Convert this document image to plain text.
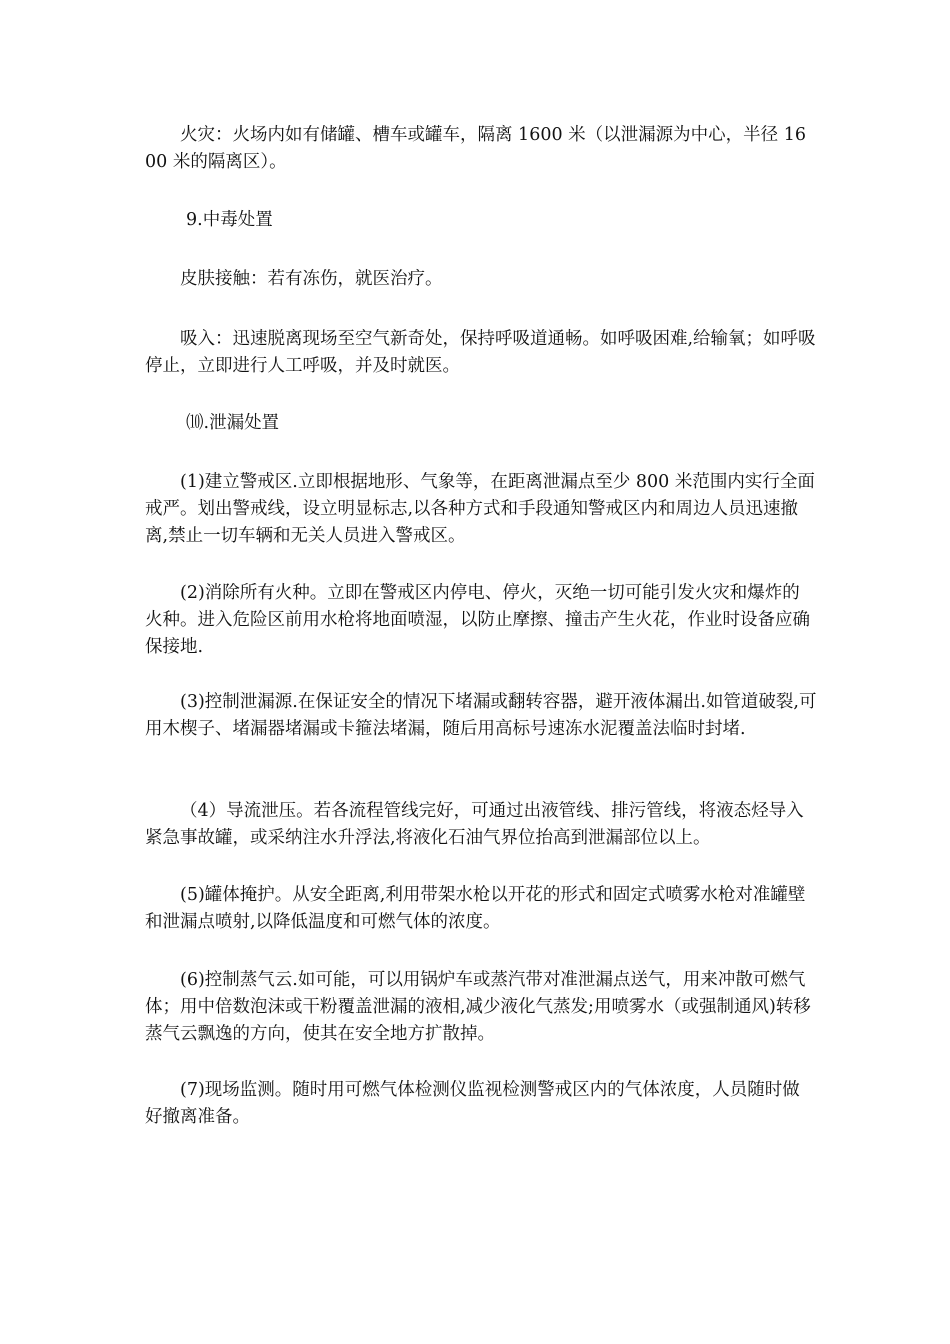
火灾：火场内如有储罐、槽车或罐车，隔离 1600 米（以泄漏源为中心，半径 1600 米的隔离区）。

9.中毒处置

皮肤接触：若有冻伤，就医治疗。

吸入：迅速脱离现场至空气新奇处，保持呼吸道通畅。如呼吸困难,给输氧；如呼吸停止，立即进行人工呼吸，并及时就医。

⑽.泄漏处置

(1)建立警戒区.立即根据地形、气象等，在距离泄漏点至少 800 米范围内实行全面戒严。划出警戒线，设立明显标志,以各种方式和手段通知警戒区内和周边人员迅速撤离,禁止一切车辆和无关人员进入警戒区。

(2)消除所有火种。立即在警戒区内停电、停火，灭绝一切可能引发火灾和爆炸的火种。进入危险区前用水枪将地面喷湿，以防止摩擦、撞击产生火花，作业时设备应确保接地.

(3)控制泄漏源.在保证安全的情况下堵漏或翻转容器，避开液体漏出.如管道破裂,可用木楔子、堵漏器堵漏或卡箍法堵漏，随后用高标号速冻水泥覆盖法临时封堵.

（4）导流泄压。若各流程管线完好，可通过出液管线、排污管线，将液态烃导入紧急事故罐，或采纳注水升浮法,将液化石油气界位抬高到泄漏部位以上。

(5)罐体掩护。从安全距离,利用带架水枪以开花的形式和固定式喷雾水枪对准罐壁和泄漏点喷射,以降低温度和可燃气体的浓度。

(6)控制蒸气云.如可能，可以用锅炉车或蒸汽带对准泄漏点送气，用来冲散可燃气体；用中倍数泡沫或干粉覆盖泄漏的液相,减少液化气蒸发;用喷雾水（或强制通风)转移蒸气云飘逸的方向，使其在安全地方扩散掉。

(7)现场监测。随时用可燃气体检测仪监视检测警戒区内的气体浓度，人员随时做好撤离准备。
